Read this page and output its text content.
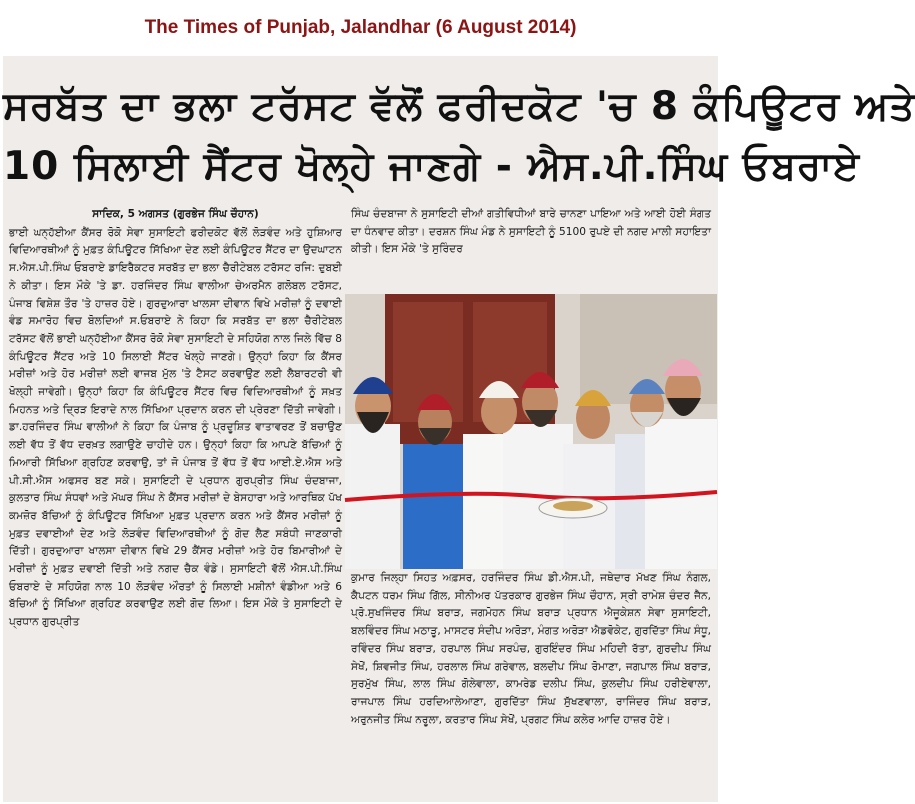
The Times of Punjab, Jalandhar (6 August 2014)
ਸਰਬੱਤ ਦਾ ਭਲਾ ਟਰੱਸਟ ਵੱਲੋਂ ਫਰੀਦਕੋਟ 'ਚ 8 ਕੰਪਿਊਟਰ ਅਤੇ
10 ਸਿਲਾਈ ਸੈਂਟਰ ਖੋਲ੍ਹੇ ਜਾਣਗੇ - ਐਸ.ਪੀ.ਸਿੰਘ ਓਬਰਾਏ
ਸਾਦਿਕ, 5 ਅਗਸਤ (ਗੁਰਭੇਜ ਸਿੰਘ ਚੌਹਾਨ)

ਭਾਈ ਘਨ੍ਹੱਈਆ ਕੈਂਸਰ ਰੋਕੋ ਸੇਵਾ ਸੁਸਾਇਟੀ ਫਰੀਦਕੋਟ ਵੱਲੋਂ ਲੋੜਵੰਦ ਅਤੇ ਹੁਸ਼ਿਆਰ ਵਿਦਿਆਰਥੀਆਂ ਨੂੰ ਮੁਫ਼ਤ ਕੰਪਿਊਟਰ ਸਿੱਖਿਆ ਦੇਣ ਲਈ ਕੰਪਿਊਟਰ ਸੈਂਟਰ ਦਾ ਉਦਘਾਟਨ ਸ.ਐਸ.ਪੀ.ਸਿੰਘ ਓਬਰਾਏ ਡਾਇਰੈਕਟਰ ਸਰਬੱਤ ਦਾ ਭਲਾ ਚੈਰੀਟੇਬਲ ਟਰੱਸਟ ਰਜਿ: ਦੁਬਈ ਨੇ ਕੀਤਾ। ਇਸ ਮੌਕੇ 'ਤੇ ਡਾ. ਹਰਜਿੰਦਰ ਸਿੰਘ ਵਾਲੀਆ ਚੇਅਰਮੈਨ ਗਲੋਬਲ ਟਰੱਸਟ, ਪੰਜਾਬ ਵਿਸ਼ੇਸ਼ ਤੌਰ 'ਤੇ ਹਾਜ਼ਰ ਹੋਏ। ਗੁਰਦੁਆਰਾ ਖਾਲਸਾ ਦੀਵਾਨ ਵਿਖੇ ਮਰੀਜ਼ਾਂ ਨੂੰ ਦਵਾਈ ਵੰਡ ਸਮਾਰੋਹ ਵਿਚ ਬੋਲਦਿਆਂ ਸ.ਓਬਰਾਏ ਨੇ ਕਿਹਾ ਕਿ ਸਰਬੱਤ ਦਾ ਭਲਾ ਚੈਰੀਟੇਬਲ ਟਰੱਸਟ ਵੱਲੋਂ ਭਾਈ ਘਨ੍ਹੱਈਆ ਕੈਂਸਰ ਰੋਕੋ ਸੇਵਾ ਸੁਸਾਇਟੀ ਦੇ ਸਹਿਯੋਗ ਨਾਲ ਜਿਲੇ ਵਿੱਚ 8 ਕੰਪਿਊਟਰ ਸੈਂਟਰ ਅਤੇ 10 ਸਿਲਾਈ ਸੈਂਟਰ ਖੋਲ੍ਹੇ ਜਾਣਗੇ। ਉਨ੍ਹਾਂ ਕਿਹਾ ਕਿ ਕੈਂਸਰ ਮਰੀਜ਼ਾਂ ਅਤੇ ਹੋਰ ਮਰੀਜ਼ਾਂ ਲਈ ਵਾਜਬ ਮੁੱਲ 'ਤੇ ਟੈਸਟ ਕਰਵਾਉਣ ਲਈ ਲੈਬਾਰਟਰੀ ਵੀ ਖੋਲ੍ਹੀ ਜਾਵੇਗੀ। ਉਨ੍ਹਾਂ ਕਿਹਾ ਕਿ ਕੰਪਿਊਟਰ ਸੈਂਟਰ ਵਿਚ ਵਿਦਿਆਰਥੀਆਂ ਨੂੰ ਸਖ਼ਤ ਮਿਹਨਤ ਅਤੇ ਦ੍ਰਿੜ ਇਰਾਦੇ ਨਾਲ ਸਿੱਖਿਆ ਪ੍ਰਦਾਨ ਕਰਨ ਦੀ ਪ੍ਰੇਰਣਾ ਦਿੱਤੀ ਜਾਵੇਗੀ। ਡਾ.ਹਰਜਿੰਦਰ ਸਿੰਘ ਵਾਲੀਆਂ ਨੇ ਕਿਹਾ ਕਿ ਪੰਜਾਬ ਨੂੰ ਪ੍ਰਦੂਸ਼ਿਤ ਵਾਤਾਵਰਣ ਤੋਂ ਬਚਾਉਣ ਲਈ ਵੱਧ ਤੋਂ ਵੱਧ ਦਰਖ਼ਤ ਲਗਾਉਣੇ ਚਾਹੀਦੇ ਹਨ। ਉਨ੍ਹਾਂ ਕਿਹਾ ਕਿ ਆਪਣੇ ਬੱਚਿਆਂ ਨੂੰ ਮਿਆਰੀ ਸਿੱਖਿਆ ਗ੍ਰਹਿਣ ਕਰਵਾਉ, ਤਾਂ ਜੋ ਪੰਜਾਬ ਤੋਂ ਵੱਧ ਤੋਂ ਵੱਧ ਆਈ.ਏ.ਐਸ ਅਤੇ ਪੀ.ਸੀ.ਐਸ ਅਫਸਰ ਬਣ ਸਕੇ। ਸੁਸਾਇਟੀ ਦੇ ਪ੍ਰਧਾਨ ਗੁਰਪ੍ਰੀਤ ਸਿੰਘ ਚੰਦਬਾਜਾ, ਕੁਲਤਾਰ ਸਿੰਘ ਸੰਧਵਾਂ ਅਤੇ ਮੱਘਰ ਸਿੰਘ ਨੇ ਕੈਂਸਰ ਮਰੀਜ਼ਾਂ ਦੇ ਬੇਸਹਾਰਾ ਅਤੇ ਆਰਥਿਕ ਪੱਖ ਕਮਜ਼ੋਰ ਬੱਚਿਆਂ ਨੂੰ ਕੰਪਿਊਟਰ ਸਿੱਖਿਆ ਮੁਫ਼ਤ ਪ੍ਰਦਾਨ ਕਰਨ ਅਤੇ ਕੈਂਸਰ ਮਰੀਜ਼ਾਂ ਨੂੰ ਮੁਫ਼ਤ ਦਵਾਈਆਂ ਦੇਣ ਅਤੇ ਲੋੜਵੰਦ ਵਿਦਿਆਰਥੀਆਂ ਨੂੰ ਗੋਦ ਲੈਣ ਸਬੰਧੀ ਜਾਣਕਾਰੀ ਦਿੱਤੀ। ਗੁਰਦੁਆਰਾ ਖਾਲਸਾ ਦੀਵਾਨ ਵਿਖੇ 29 ਕੈਂਸਰ ਮਰੀਜ਼ਾਂ ਅਤੇ ਹੋਰ ਬਿਮਾਰੀਆਂ ਦੇ ਮਰੀਜ਼ਾਂ ਨੂੰ ਮੁਫ਼ਤ ਦਵਾਈ ਦਿੱਤੀ ਅਤੇ ਨਗਦ ਚੈਕ ਵੰਡੇ। ਸੁਸਾਇਟੀ ਵੱਲੋਂ ਐਸ.ਪੀ.ਸਿੰਘ ਓਬਰਾਏ ਦੇ ਸਹਿਯੋਗ ਨਾਲ 10 ਲੋੜਵੰਦ ਔਰਤਾਂ ਨੂੰ ਸਿਲਾਈ ਮਸ਼ੀਨਾਂ ਵੰਡੀਆ ਅਤੇ 6 ਬੱਚਿਆਂ ਨੂੰ ਸਿੱਖਿਆ ਗ੍ਰਹਿਣ ਕਰਵਾਉਣ ਲਈ ਗੋਦ ਲਿਆ। ਇਸ ਮੌਕੇ ਤੇ ਸੁਸਾਇਟੀ ਦੇ ਪ੍ਰਧਾਨ ਗੁਰਪ੍ਰੀਤ

ਸਿੰਘ ਚੰਦਬਾਜਾ ਨੇ ਸੁਸਾਇਟੀ ਦੀਆਂ ਗਤੀਵਿਧੀਆਂ ਬਾਰੇ ਚਾਨਣਾ ਪਾਇਆ ਅਤੇ ਆਈ ਹੋਈ ਸੰਗਤ ਦਾ ਧੰਨਵਾਦ ਕੀਤਾ। ਦਰਸ਼ਨ ਸਿੰਘ ਮੰਡ ਨੇ ਸੁਸਾਇਟੀ ਨੂੰ 5100 ਰੁਪਏ ਦੀ ਨਗਦ ਮਾਲੀ ਸਹਾਇਤਾ ਕੀਤੀ। ਇਸ ਮੌਕੇ 'ਤੇ ਸੁਰਿੰਦਰ

ਕੁਮਾਰ ਜਿਲ੍ਹਾ ਸਿਹਤ ਅਫ਼ਸਰ, ਹਰਜਿੰਦਰ ਸਿੰਘ ਡੀ.ਐਸ.ਪੀ, ਜਥੇਦਾਰ ਮੱਖਣ ਸਿੰਘ ਨੰਗਲ, ਕੈਪਟਨ ਧਰਮ ਸਿੰਘ ਗਿੱਲ, ਸੀਨੀਅਰ ਪੱਤਰਕਾਰ ਗੁਰਭੇਜ ਸਿੰਘ ਚੌਹਾਨ, ਸ੍ਰੀ ਰਾਮੇਸ਼ ਚੰਦਰ ਜੈਨ, ਪ੍ਰੋ.ਸੁਖਜਿੰਦਰ ਸਿੰਘ ਬਰਾੜ, ਜਗਮੋਹਨ ਸਿੰਘ ਬਰਾੜ ਪ੍ਰਧਾਨ ਐਜੂਕੇਸ਼ਨ ਸੇਵਾ ਸੁਸਾਇਟੀ, ਬਲਵਿੰਦਰ ਸਿੰਘ ਮਠਾੜੂ, ਮਾਸਟਰ ਸੰਦੀਪ ਅਰੋੜਾ, ਮੰਗਤ ਅਰੋੜਾ ਐਡਵੋਕੇਟ, ਗੁਰਦਿੱਤਾ ਸਿੰਘ ਸੰਧੂ, ਰਵਿੰਦਰ ਸਿੰਘ ਬਰਾੜ, ਹਰਪਾਲ ਸਿੰਘ ਸਰਪੰਚ, ਗੁਰਇੰਦਰ ਸਿੰਘ ਮਹਿਦੀ ਰੱਤਾ, ਗੁਰਦੀਪ ਸਿੰਘ ਸੇਖੋਂ, ਸ਼ਿਵਜੀਤ ਸਿੰਘ, ਹਰਲਾਲ ਸਿੰਘ ਗਰੇਵਾਲ, ਬਲਦੀਪ ਸਿੰਘ ਰੋਮਾਣਾ, ਜਗਪਾਲ ਸਿੰਘ ਬਰਾੜ, ਸੁਰਮੁੱਖ ਸਿੰਘ, ਲਾਲ ਸਿੰਘ ਗੋਲੇਵਾਲਾ, ਕਾਮਰੇਡ ਦਲੀਪ ਸਿੰਘ, ਕੁਲਦੀਪ ਸਿੰਘ ਹਰੀਏਵਾਲਾ, ਰਾਜਪਾਲ ਸਿੰਘ ਹਰਦਿਆਲੇਆਣਾ, ਗੁਰਦਿੱਤਾ ਸਿੰਘ ਸੁੱਖਣਵਾਲਾ, ਰਾਜਿੰਦਰ ਸਿੰਘ ਬਰਾੜ, ਅਰੁਨਜੀਤ ਸਿੰਘ ਨਰੂਲਾ, ਕਰਤਾਰ ਸਿੰਘ ਸੇਖੋਂ, ਪ੍ਰਗਟ ਸਿੰਘ ਕਲੇਰ ਆਦਿ ਹਾਜ਼ਰ ਹੋਏ।
